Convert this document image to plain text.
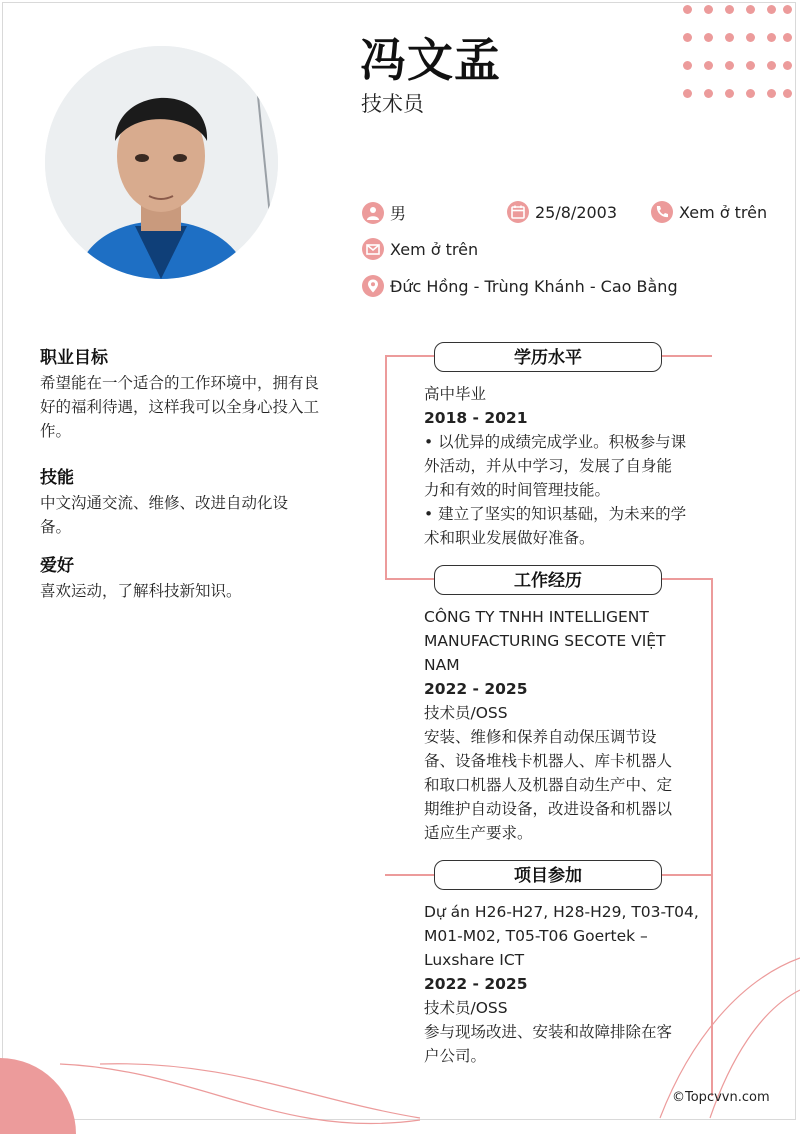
冯文孟
技术员
男	25/8/2003	Xem ở trên
Xem ở trên
Đức Hồng - Trùng Khánh - Cao Bằng
职业目标
希望能在一个适合的工作环境中，拥有良
好的福利待遇，这样我可以全身心投入工
作。
技能
中文沟通交流、维修、改进自动化设
备。
爱好
喜欢运动，了解科技新知识。
学历水平
高中毕业
2018 - 2021
• 以优异的成绩完成学业。积极参与课
外活动，并从中学习，发展了自身能
力和有效的时间管理技能。
• 建立了坚实的知识基础，为未来的学
术和职业发展做好准备。
工作经历
CÔNG TY TNHH INTELLIGENT
MANUFACTURING SECOTE VIỆT
NAM
2022 - 2025
技术员/OSS
安装、维修和保养自动保压调节设
备、设备堆栈卡机器人、库卡机器人
和取口机器人及机器自动生产中、定
期维护自动设备，改进设备和机器以
适应生产要求。
项目参加
Dự án H26-H27, H28-H29, T03-T04,
M01-M02, T05-T06 Goertek –
Luxshare ICT
2022 - 2025
技术员/OSS
参与现场改进、安装和故障排除在客
户公司。
©Topcvvn.com
